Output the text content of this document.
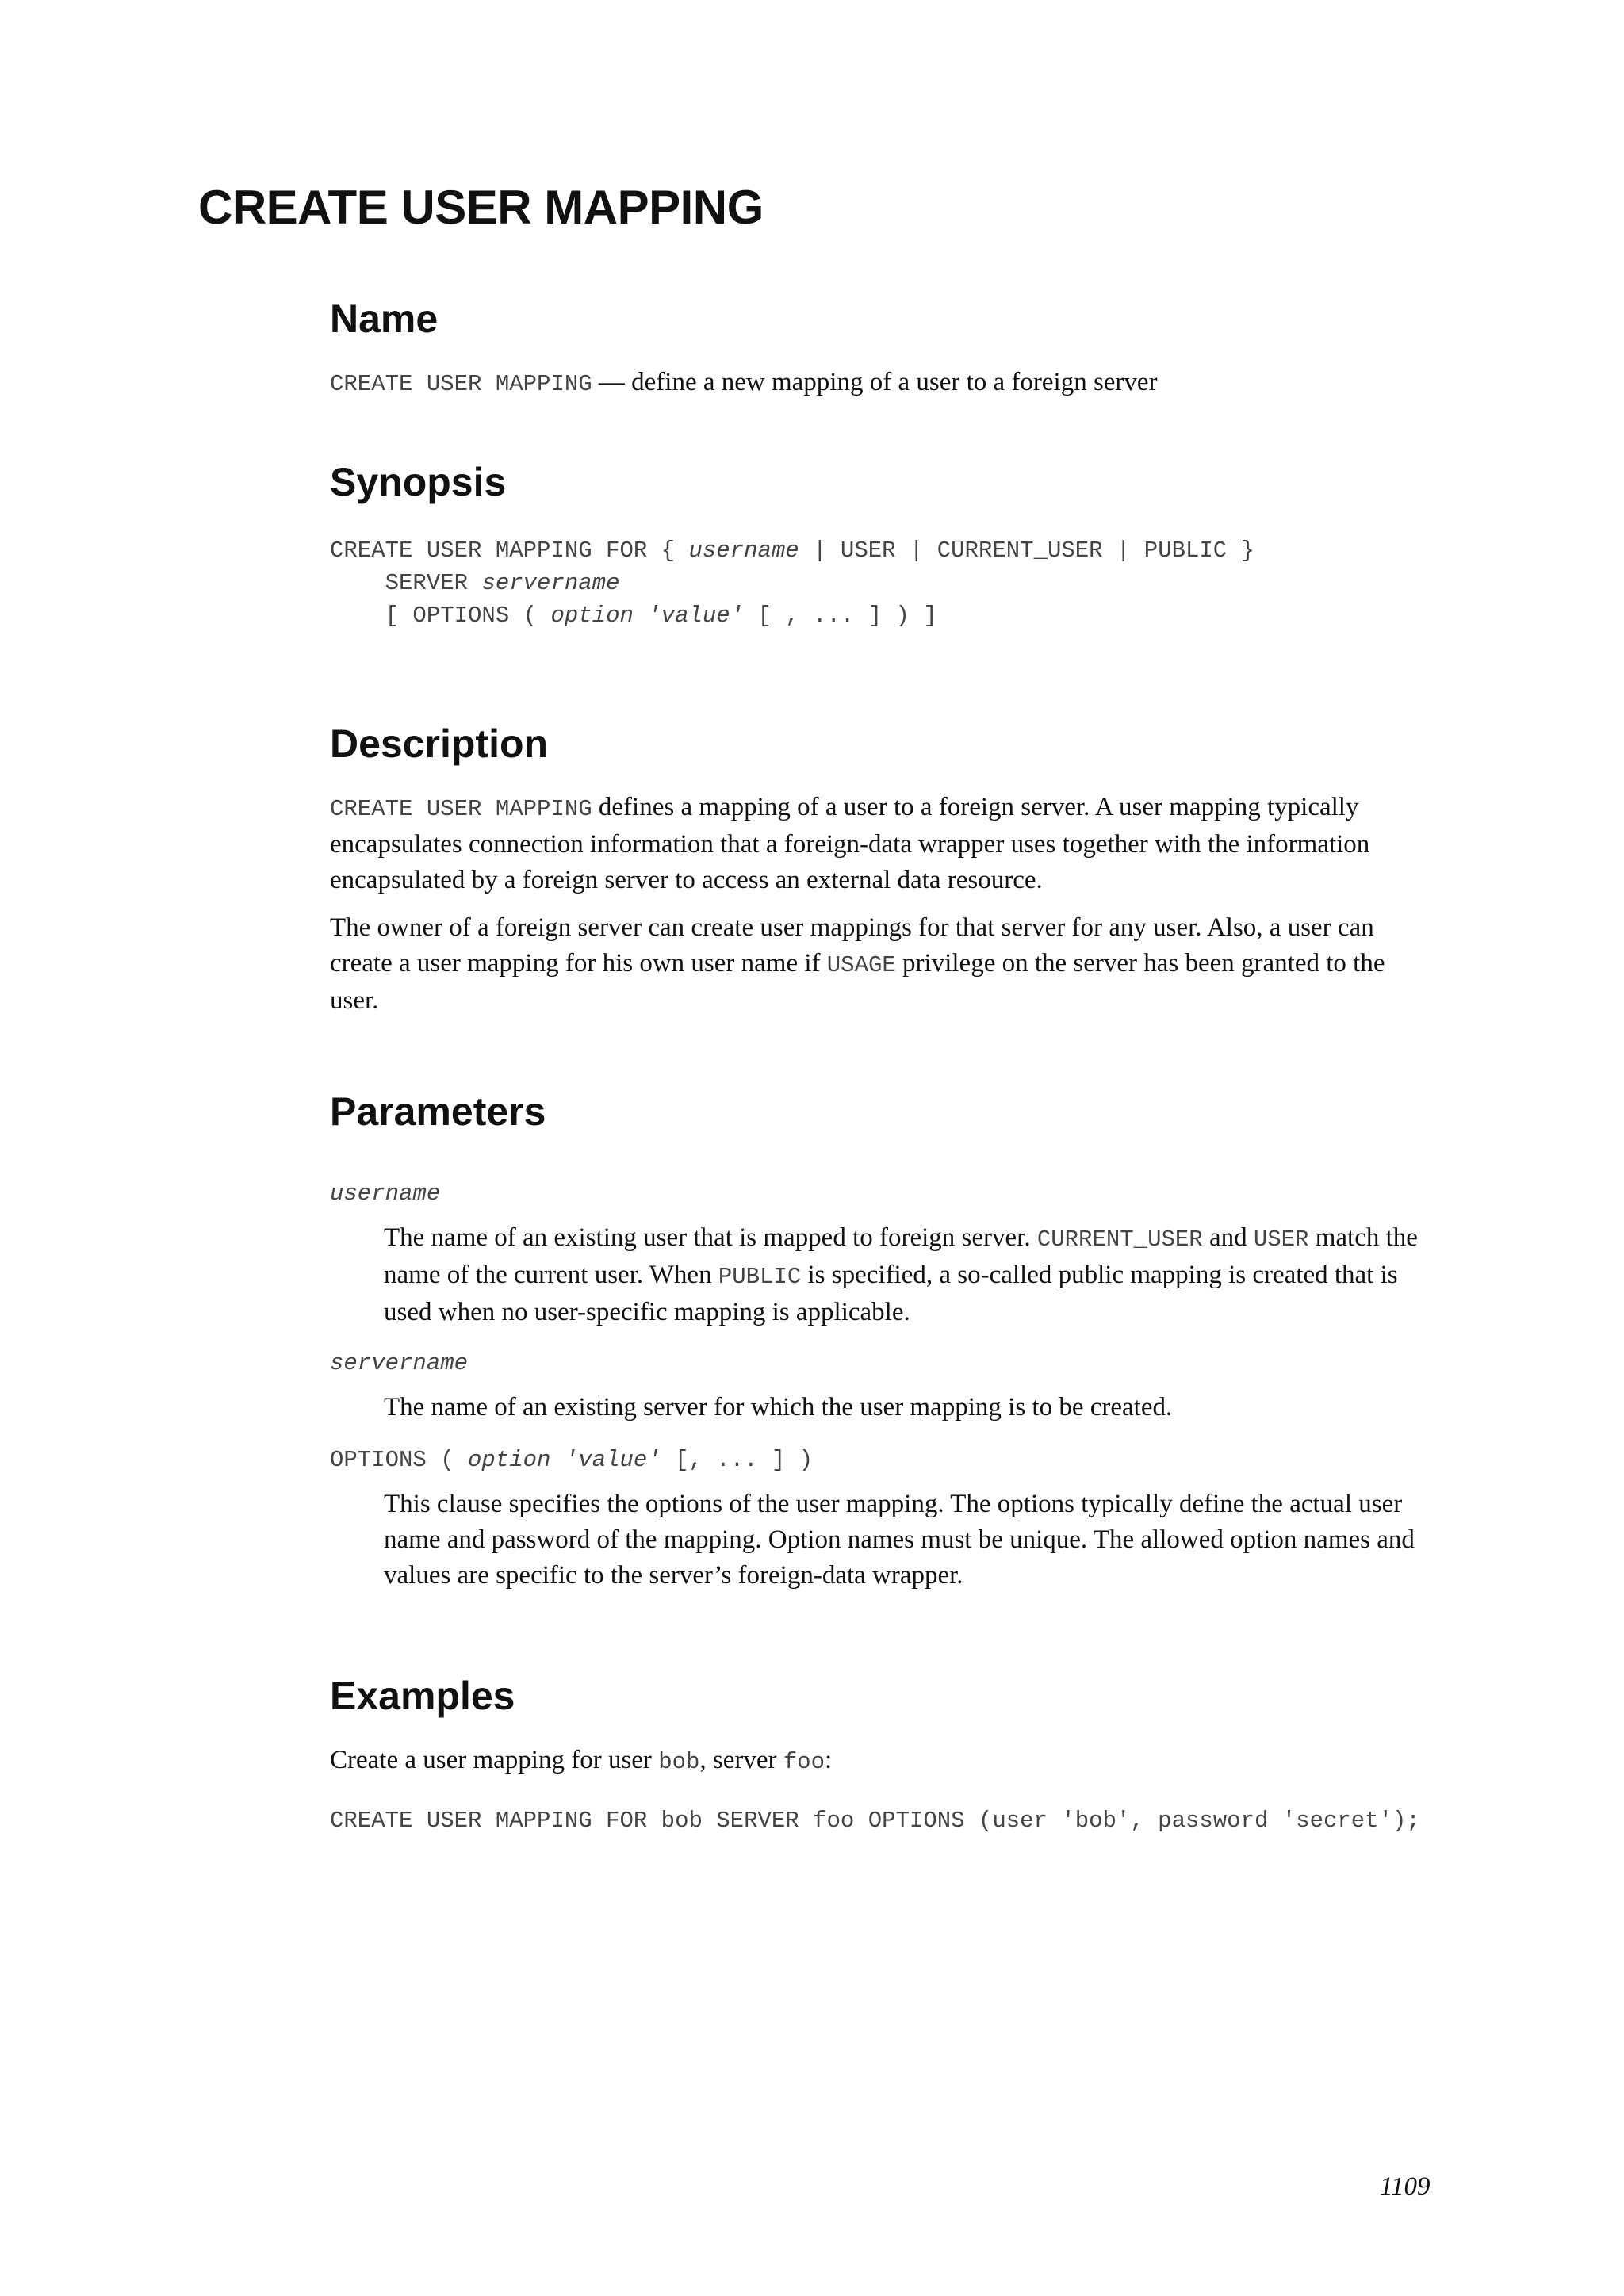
CREATE USER MAPPING
Name

CREATE USER MAPPING — define a new mapping of a user to a foreign server

Synopsis
CREATE USER MAPPING FOR { username | USER | CURRENT_USER | PUBLIC }
SERVER servername
[ OPTIONS ( option 'value' [ , ... ] ) ]
Description

CREATE USER MAPPING defines a mapping of a user to a foreign server. A user mapping typically encapsulates connection information that a foreign-data wrapper uses together with the information encapsulated by a foreign server to access an external data resource.

The owner of a foreign server can create user mappings for that server for any user. Also, a user can create a user mapping for his own user name if USAGE privilege on the server has been granted to the user.

Parameters
username

The name of an existing user that is mapped to foreign server. CURRENT_USER and USER match the name of the current user. When PUBLIC is specified, a so-called public mapping is created that is used when no user-specific mapping is applicable.

servername

The name of an existing server for which the user mapping is to be created.

OPTIONS ( option 'value' [, ... ] )

This clause specifies the options of the user mapping. The options typically define the actual user name and password of the mapping. Option names must be unique. The allowed option names and values are specific to the server’s foreign-data wrapper.

Examples

Create a user mapping for user bob, server foo:

CREATE USER MAPPING FOR bob SERVER foo OPTIONS (user 'bob', password 'secret');
1109
